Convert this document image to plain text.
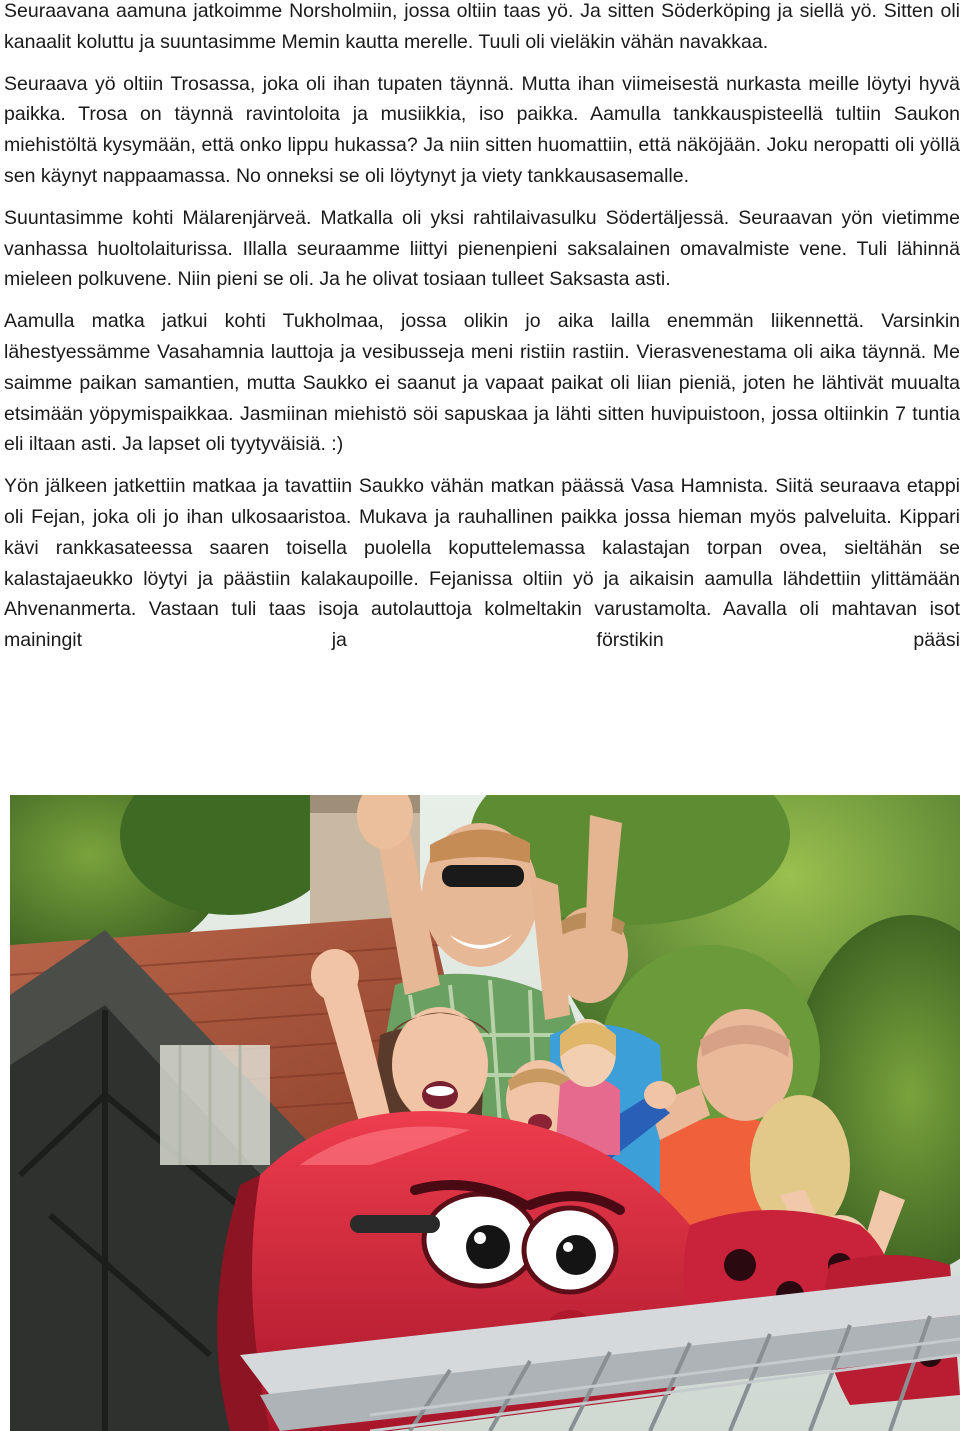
Seuraavana aamuna jatkoimme Norsholmiin, jossa oltiin taas yö. Ja sitten Söderköping ja siellä yö. Sitten oli kanaalit koluttu ja suuntasimme Memin kautta merelle. Tuuli oli vieläkin vähän navakkaa.

Seuraava yö oltiin Trosassa, joka oli ihan tupaten täynnä. Mutta ihan viimeisestä nurkasta meille löytyi hyvä paikka. Trosa on täynnä ravintoloita ja musiikkia, iso paikka. Aamulla tankkauspisteellä tultiin Saukon miehistöltä kysymään, että onko lippu hukassa? Ja niin sitten huomattiin, että näköjään. Joku neropatti oli yöllä sen käynyt nappaamassa. No onneksi se oli löytynyt ja viety tankkausasemalle.

Suuntasimme kohti Mälarenjärveä. Matkalla oli yksi rahtilaivasulku Södertäljessä. Seuraavan yön vietimme vanhassa huoltolaiturissa. Illalla seuraamme liittyi pienenpieni saksalainen omavalmiste vene. Tuli lähinnä mieleen polkuvene. Niin pieni se oli. Ja he olivat tosiaan tulleet Saksasta asti.

Aamulla matka jatkui kohti Tukholmaa, jossa olikin jo aika lailla enemmän liikennettä. Varsinkin lähestyessämme Vasahamnia lauttoja ja vesibusseja meni ristiin rastiin. Vierasvenestama oli aika täynnä. Me saimme paikan samantien, mutta Saukko ei saanut ja vapaat paikat oli liian pieniä, joten he lähtivät muualta etsimään yöpymispaikkaa. Jasmiinan miehistö söi sapuskaa ja lähti sitten huvipuistoon, jossa oltiinkin 7 tuntia eli iltaan asti. Ja lapset oli tyytyväisiä. :)

Yön jälkeen jatkettiin matkaa ja tavattiin Saukko vähän matkan päässä Vasa Hamnista. Siitä seuraava etappi oli Fejan, joka oli jo ihan ulkosaaristoa. Mukava ja rauhallinen paikka jossa hieman myös palveluita. Kippari kävi rankkasateessa saaren toisella puolella koputtelemassa kalastajan torpan ovea, sieltähän se kalastajaeukko löytyi ja päästiin kalakaupoille. Fejanissa oltiin yö ja aikaisin aamulla lähdettiin ylittämään Ahvenanmerta. Vastaan tuli taas isoja autolauttoja kolmeltakin varustamolta. Aavalla oli mahtavan isot mainingit ja förstikin pääsi
